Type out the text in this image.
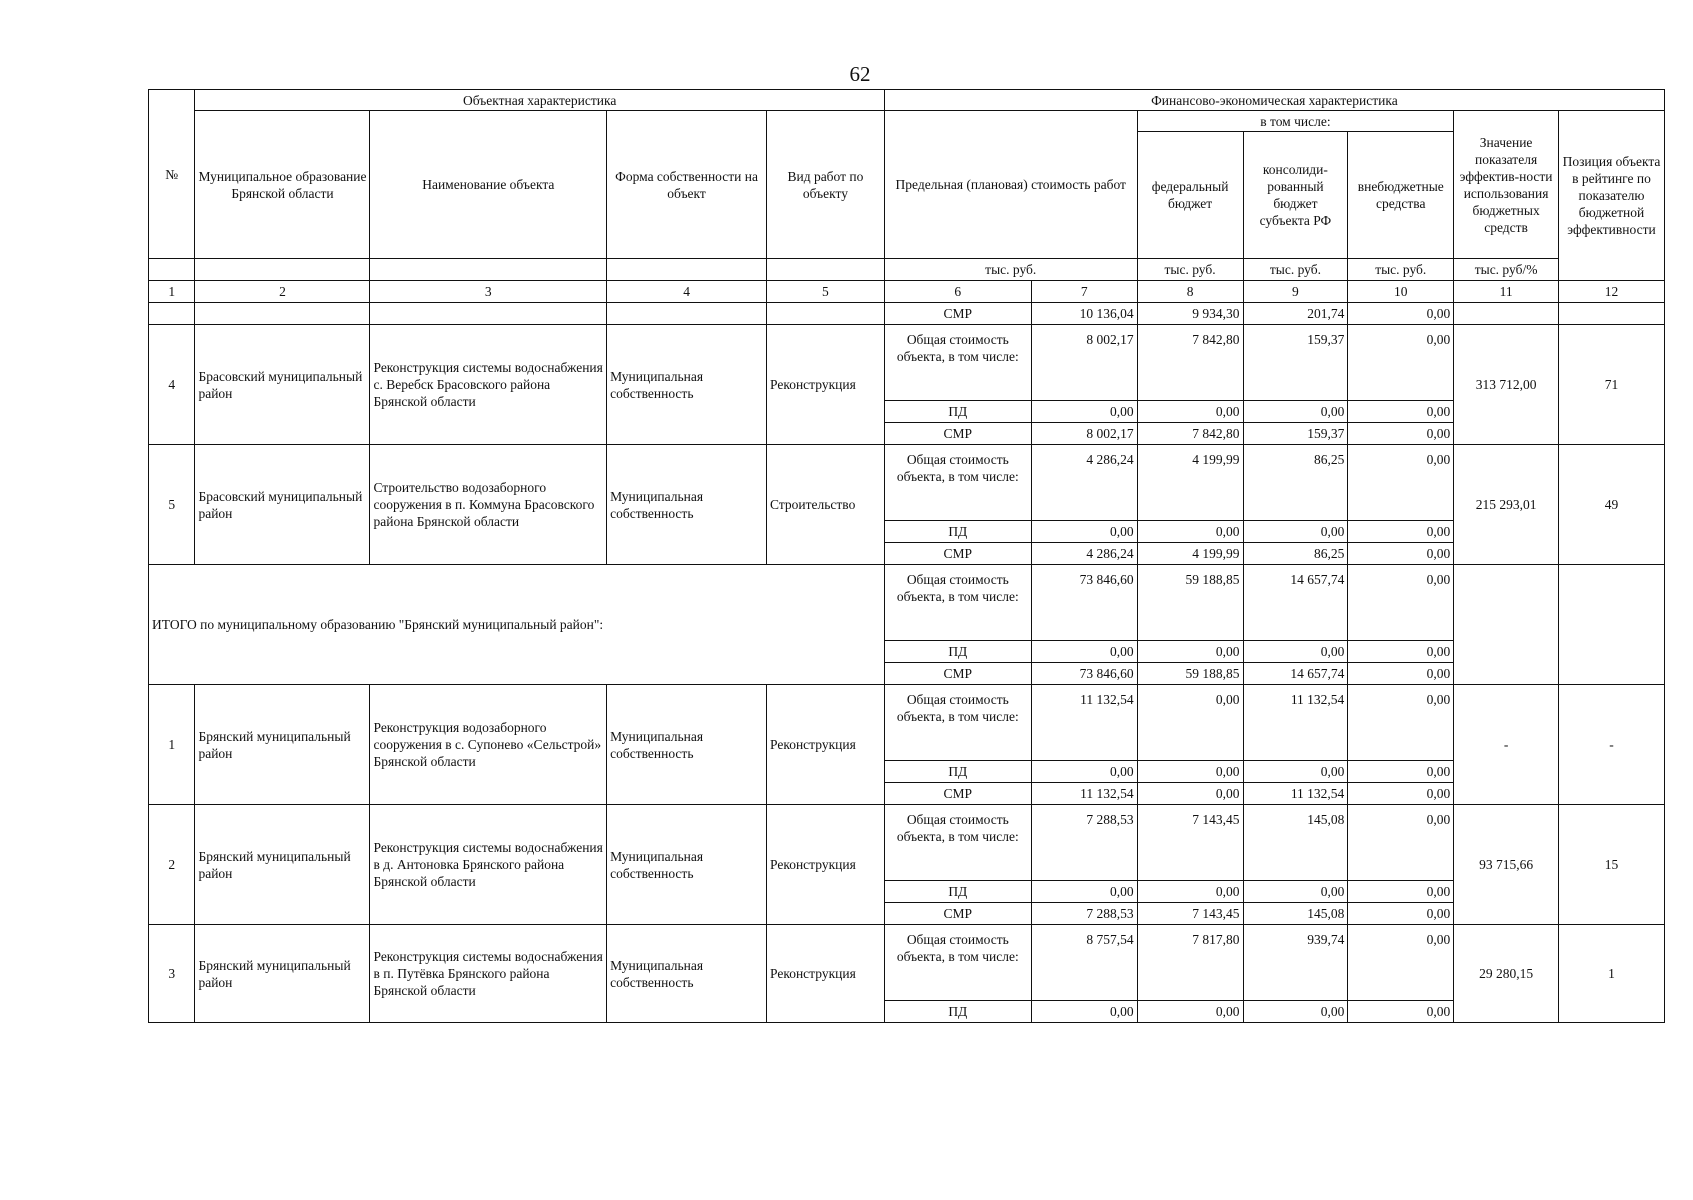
62
№	Объектная характеристика				Финансово-экономическая характеристика						
	Муниципальное образование Брянской области	Наименование объекта	Форма собственности на объект	Вид работ по объекту	Предельная (плановая) стоимость работ		в том числе:			Значение показателя эффектив-ности использования бюджетных средств	Позиция объекта в рейтинге по показателю бюджетной эффективности
							федеральный бюджет	консолиди-рованный бюджет субъекта РФ	внебюджетные средства		
					тыс. руб.		тыс. руб.	тыс. руб.	тыс. руб.	тыс. руб/%	
1	2	3	4	5	6	7	8	9	10	11	12
					СМР	10 136,04	9 934,30	201,74	0,00		
4	Брасовский муниципальный район	Реконструкция системы водоснабжения с. Веребск Брасовского района Брянской области	Муниципальная собственность	Реконструкция	Общая стоимость объекта, в том числе:	8 002,17	7 842,80	159,37	0,00	313 712,00	71
					ПД	0,00	0,00	0,00	0,00		
					СМР	8 002,17	7 842,80	159,37	0,00		
5	Брасовский муниципальный район	Строительство водозаборного сооружения в п. Коммуна Брасовского района Брянской области	Муниципальная собственность	Строительство	Общая стоимость объекта, в том числе:	4 286,24	4 199,99	86,25	0,00	215 293,01	49
					ПД	0,00	0,00	0,00	0,00		
					СМР	4 286,24	4 199,99	86,25	0,00		
ИТОГО по муниципальному образованию "Брянский муниципальный район":					Общая стоимость объекта, в том числе:	73 846,60	59 188,85	14 657,74	0,00		
					ПД	0,00	0,00	0,00	0,00		
					СМР	73 846,60	59 188,85	14 657,74	0,00		
1	Брянский муниципальный район	Реконструкция водозаборного сооружения в с. Супонево «Сельстрой» Брянской области	Муниципальная собственность	Реконструкция	Общая стоимость объекта, в том числе:	11 132,54	0,00	11 132,54	0,00	-	-
					ПД	0,00	0,00	0,00	0,00		
					СМР	11 132,54	0,00	11 132,54	0,00		
2	Брянский муниципальный район	Реконструкция системы водоснабжения в д. Антоновка Брянского района Брянской области	Муниципальная собственность	Реконструкция	Общая стоимость объекта, в том числе:	7 288,53	7 143,45	145,08	0,00	93 715,66	15
					ПД	0,00	0,00	0,00	0,00		
					СМР	7 288,53	7 143,45	145,08	0,00		
3	Брянский муниципальный район	Реконструкция системы водоснабжения в п. Путёвка Брянского района Брянской области	Муниципальная собственность	Реконструкция	Общая стоимость объекта, в том числе:	8 757,54	7 817,80	939,74	0,00	29 280,15	1
					ПД	0,00	0,00	0,00	0,00		
